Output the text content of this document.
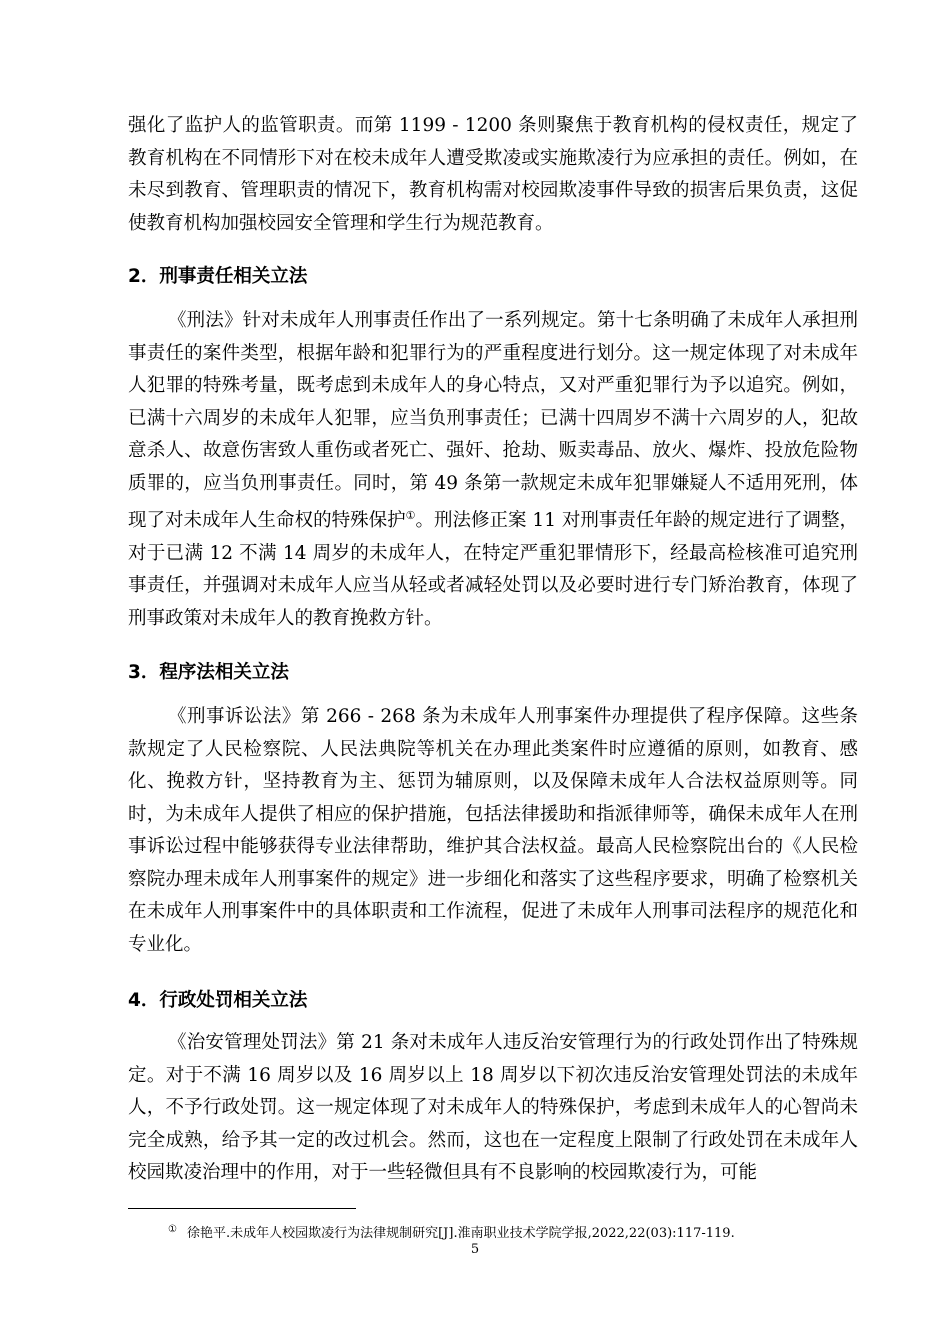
强化了监护人的监管职责。而第 1199 - 1200 条则聚焦于教育机构的侵权责任，规定了教育机构在不同情形下对在校未成年人遭受欺凌或实施欺凌行为应承担的责任。例如，在未尽到教育、管理职责的情况下，教育机构需对校园欺凌事件导致的损害后果负责，这促使教育机构加强校园安全管理和学生行为规范教育。

2．刑事责任相关立法

《刑法》针对未成年人刑事责任作出了一系列规定。第十七条明确了未成年人承担刑事责任的案件类型，根据年龄和犯罪行为的严重程度进行划分。这一规定体现了对未成年人犯罪的特殊考量，既考虑到未成年人的身心特点，又对严重犯罪行为予以追究。例如，已满十六周岁的未成年人犯罪，应当负刑事责任；已满十四周岁不满十六周岁的人，犯故意杀人、故意伤害致人重伤或者死亡、强奸、抢劫、贩卖毒品、放火、爆炸、投放危险物质罪的，应当负刑事责任。同时，第 49 条第一款规定未成年犯罪嫌疑人不适用死刑，体现了对未成年人生命权的特殊保护①。刑法修正案 11 对刑事责任年龄的规定进行了调整，对于已满 12 不满 14 周岁的未成年人，在特定严重犯罪情形下，经最高检核准可追究刑事责任，并强调对未成年人应当从轻或者减轻处罚以及必要时进行专门矫治教育，体现了刑事政策对未成年人的教育挽救方针。

3．程序法相关立法

《刑事诉讼法》第 266 - 268 条为未成年人刑事案件办理提供了程序保障。这些条款规定了人民检察院、人民法典院等机关在办理此类案件时应遵循的原则，如教育、感化、挽救方针，坚持教育为主、惩罚为辅原则，以及保障未成年人合法权益原则等。同时，为未成年人提供了相应的保护措施，包括法律援助和指派律师等，确保未成年人在刑事诉讼过程中能够获得专业法律帮助，维护其合法权益。最高人民检察院出台的《人民检察院办理未成年人刑事案件的规定》进一步细化和落实了这些程序要求，明确了检察机关在未成年人刑事案件中的具体职责和工作流程，促进了未成年人刑事司法程序的规范化和专业化。

4．行政处罚相关立法

《治安管理处罚法》第 21 条对未成年人违反治安管理行为的行政处罚作出了特殊规定。对于不满 16 周岁以及 16 周岁以上 18 周岁以下初次违反治安管理处罚法的未成年人，不予行政处罚。这一规定体现了对未成年人的特殊保护，考虑到未成年人的心智尚未完全成熟，给予其一定的改过机会。然而，这也在一定程度上限制了行政处罚在未成年人校园欺凌治理中的作用，对于一些轻微但具有不良影响的校园欺凌行为，可能

① 徐艳平.未成年人校园欺凌行为法律规制研究[J].淮南职业技术学院学报,2022,22(03):117-119.
5
